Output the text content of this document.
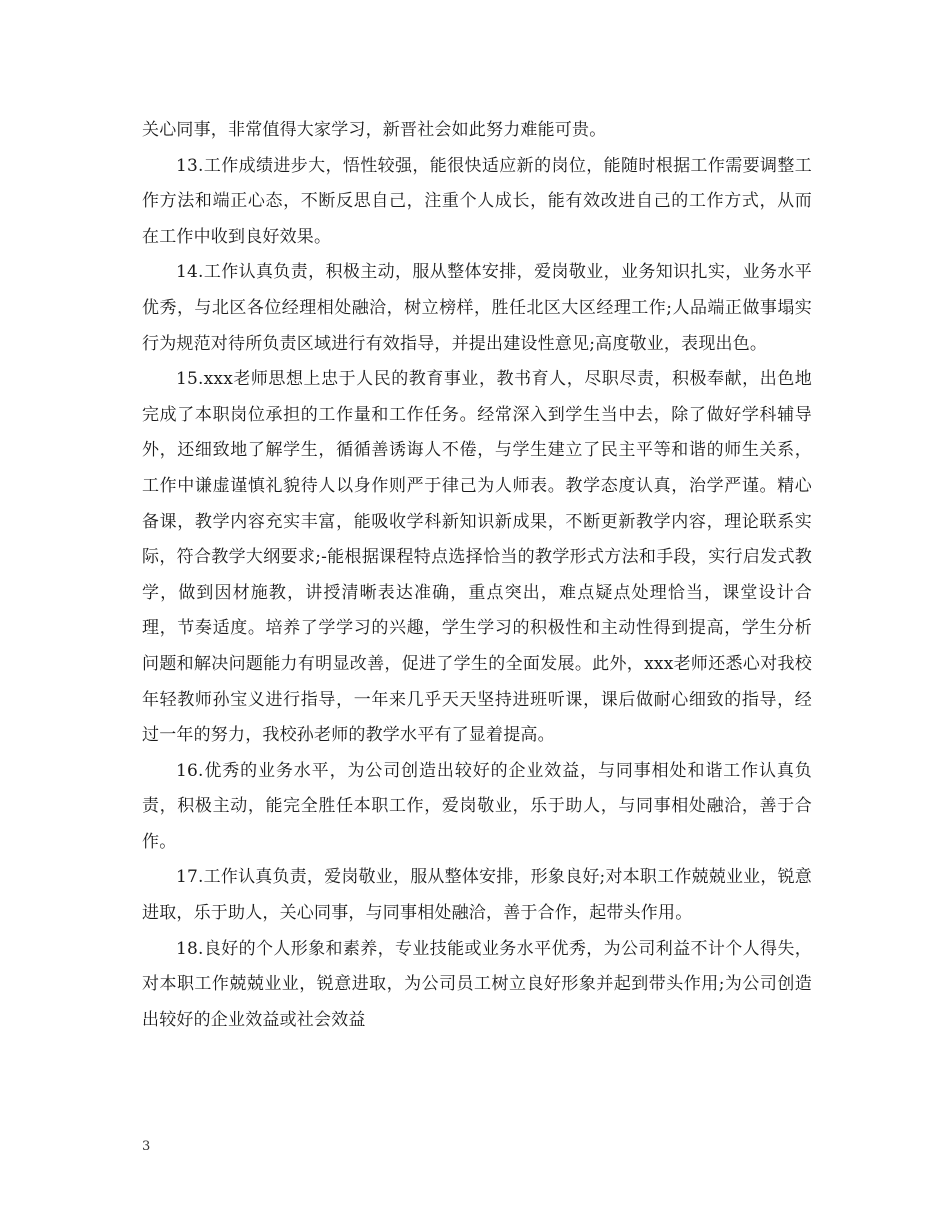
关心同事，非常值得大家学习，新晋社会如此努力难能可贵。

13.工作成绩进步大，悟性较强，能很快适应新的岗位，能随时根据工作需要调整工作方法和端正心态，不断反思自己，注重个人成长，能有效改进自己的工作方式，从而在工作中收到良好效果。

14.工作认真负责，积极主动，服从整体安排，爱岗敬业，业务知识扎实，业务水平优秀，与北区各位经理相处融洽，树立榜样，胜任北区大区经理工作;人品端正做事塌实行为规范对待所负责区域进行有效指导，并提出建设性意见;高度敬业，表现出色。

15.xxx老师思想上忠于人民的教育事业，教书育人，尽职尽责，积极奉献，出色地完成了本职岗位承担的工作量和工作任务。经常深入到学生当中去，除了做好学科辅导外，还细致地了解学生，循循善诱诲人不倦，与学生建立了民主平等和谐的师生关系，工作中谦虚谨慎礼貌待人以身作则严于律己为人师表。教学态度认真，治学严谨。精心备课，教学内容充实丰富，能吸收学科新知识新成果，不断更新教学内容，理论联系实际，符合教学大纲要求;-能根据课程特点选择恰当的教学形式方法和手段，实行启发式教学，做到因材施教，讲授清晰表达准确，重点突出，难点疑点处理恰当，课堂设计合理，节奏适度。培养了学学习的兴趣，学生学习的积极性和主动性得到提高，学生分析问题和解决问题能力有明显改善，促进了学生的全面发展。此外，xxx老师还悉心对我校年轻教师孙宝义进行指导，一年来几乎天天坚持进班听课，课后做耐心细致的指导，经过一年的努力，我校孙老师的教学水平有了显着提高。

16.优秀的业务水平，为公司创造出较好的企业效益，与同事相处和谐工作认真负责，积极主动，能完全胜任本职工作，爱岗敬业，乐于助人，与同事相处融洽，善于合作。

17.工作认真负责，爱岗敬业，服从整体安排，形象良好;对本职工作兢兢业业，锐意进取，乐于助人，关心同事，与同事相处融洽，善于合作，起带头作用。

18.良好的个人形象和素养，专业技能或业务水平优秀，为公司利益不计个人得失，对本职工作兢兢业业，锐意进取，为公司员工树立良好形象并起到带头作用;为公司创造出较好的企业效益或社会效益

3
